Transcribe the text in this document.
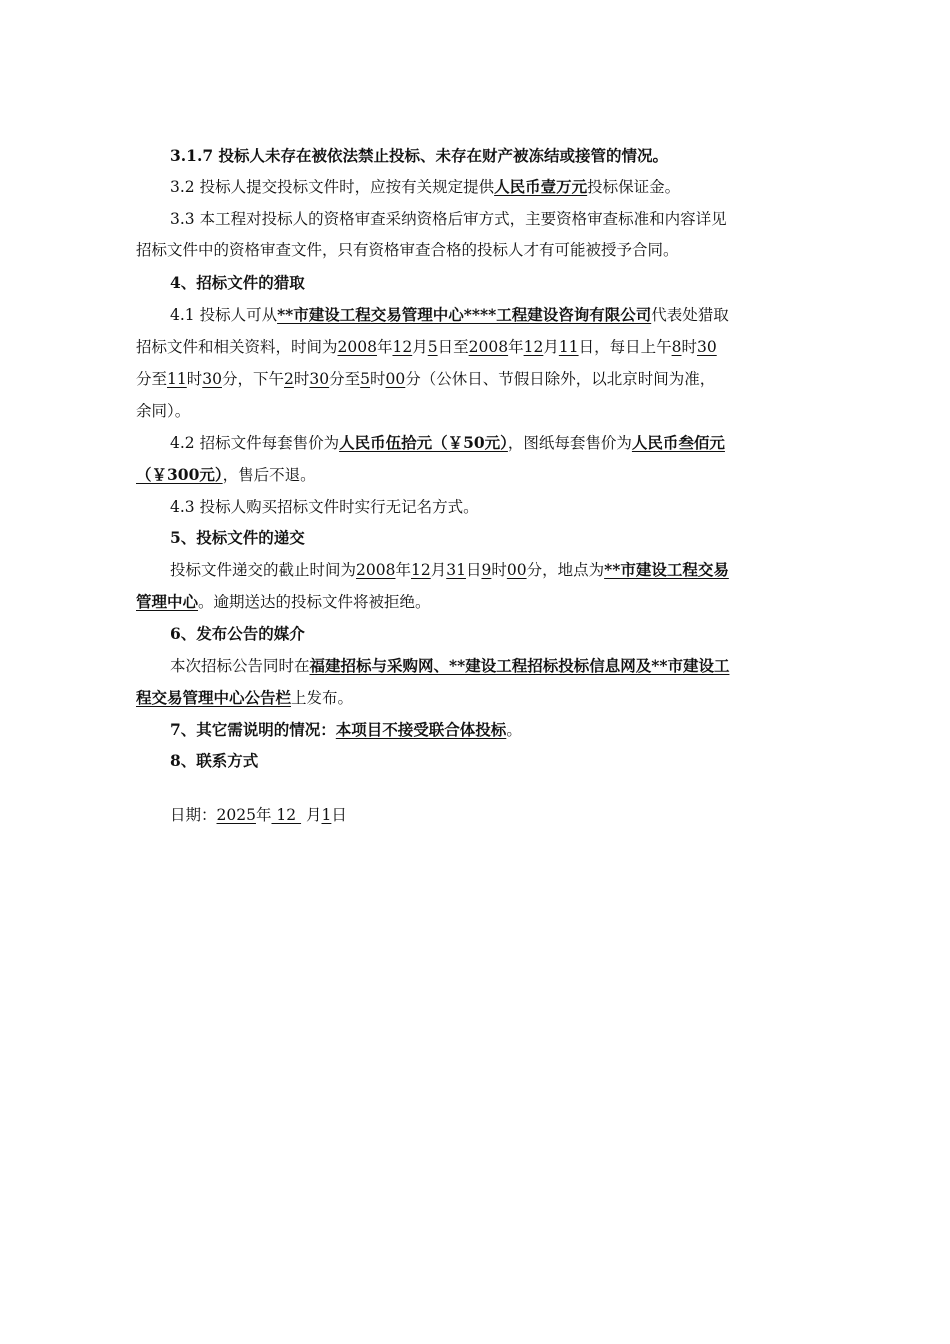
3.1.7 投标人未存在被依法禁止投标、未存在财产被冻结或接管的情况。
3.2 投标人提交投标文件时，应按有关规定提供人民币壹万元投标保证金。
3.3 本工程对投标人的资格审查采纳资格后审方式，主要资格审查标准和内容详见
招标文件中的资格审查文件，只有资格审查合格的投标人才有可能被授予合同。
4、招标文件的猎取
4.1 投标人可从**市建设工程交易管理中心****工程建设咨询有限公司代表处猎取
招标文件和相关资料，时间为2008年12月5日至2008年12月11日，每日上午8时30
分至11时30分，下午2时30分至5时00分（公休日、节假日除外，以北京时间为准，
余同）。
4.2 招标文件每套售价为人民币伍拾元（￥50元），图纸每套售价为人民币叁佰元
（￥300元），售后不退。
4.3 投标人购买招标文件时实行无记名方式。
5、投标文件的递交
投标文件递交的截止时间为2008年12月31日9时00分，地点为**市建设工程交易
管理中心。逾期送达的投标文件将被拒绝。
6、发布公告的媒介
本次招标公告同时在福建招标与采购网、**建设工程招标投标信息网及**市建设工
程交易管理中心公告栏上发布。
7、其它需说明的情况：本项目不接受联合体投标。
8、联系方式
日期：2025年 12  月1日
